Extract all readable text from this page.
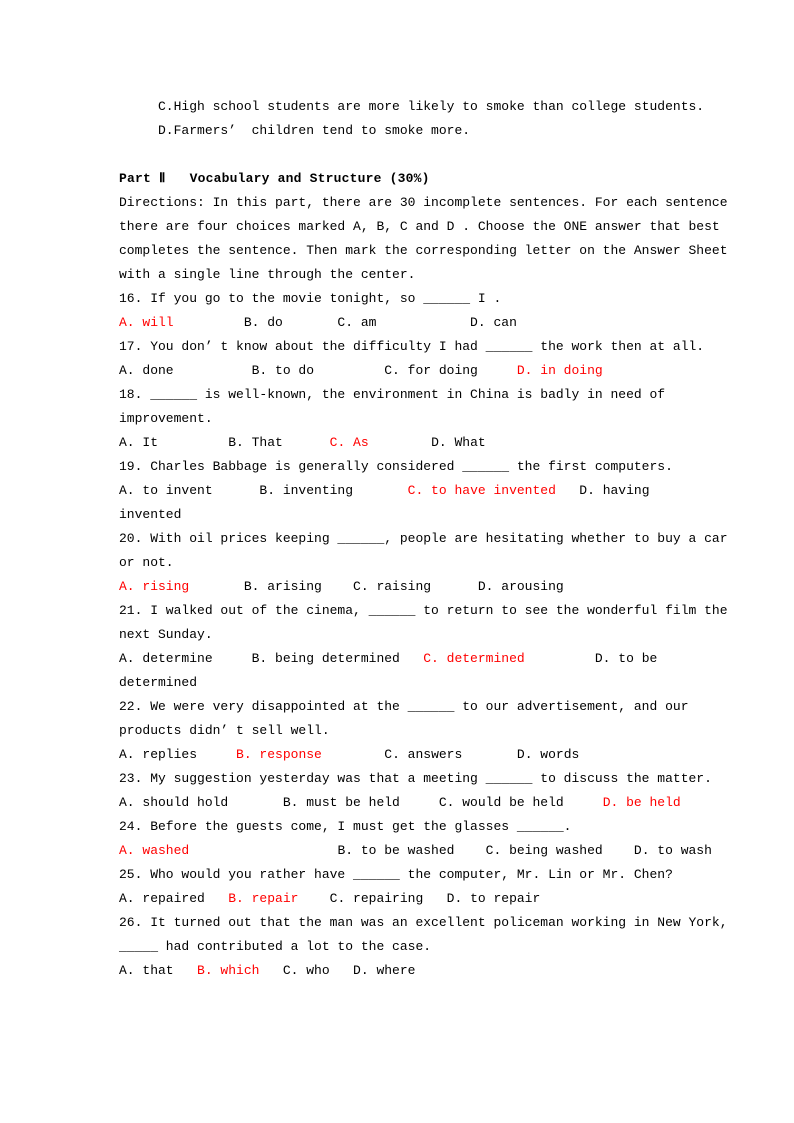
C.High school students are more likely to smoke than college students.
D.Farmers’  children tend to smoke more.

Part Ⅱ   Vocabulary and Structure (30%)
Directions: In this part, there are 30 incomplete sentences. For each sentence
there are four choices marked A, B, C and D . Choose the ONE answer that best
completes the sentence. Then mark the corresponding letter on the Answer Sheet
with a single line through the center.
16. If you go to the movie tonight, so ______ I .
A. will         B. do       C. am            D. can
17. You don’ t know about the difficulty I had ______ the work then at all.
A. done          B. to do         C. for doing     D. in doing
18. ______ is well-known, the environment in China is badly in need of
improvement.
A. It         B. That      C. As        D. What
19. Charles Babbage is generally considered ______ the first computers.
A. to invent      B. inventing       C. to have invented   D. having
invented
20. With oil prices keeping ______, people are hesitating whether to buy a car
or not.
A. rising       B. arising    C. raising      D. arousing
21. I walked out of the cinema, ______ to return to see the wonderful film the
next Sunday.
A. determine     B. being determined   C. determined         D. to be
determined
22. We were very disappointed at the ______ to our advertisement, and our
products didn’ t sell well.
A. replies     B. response        C. answers       D. words
23. My suggestion yesterday was that a meeting ______ to discuss the matter.
A. should hold       B. must be held     C. would be held     D. be held
24. Before the guests come, I must get the glasses ______.
A. washed                   B. to be washed    C. being washed    D. to wash
25. Who would you rather have ______ the computer, Mr. Lin or Mr. Chen?
A. repaired   B. repair    C. repairing   D. to repair
26. It turned out that the man was an excellent policeman working in New York,
_____ had contributed a lot to the case.
A. that   B. which   C. who   D. where
